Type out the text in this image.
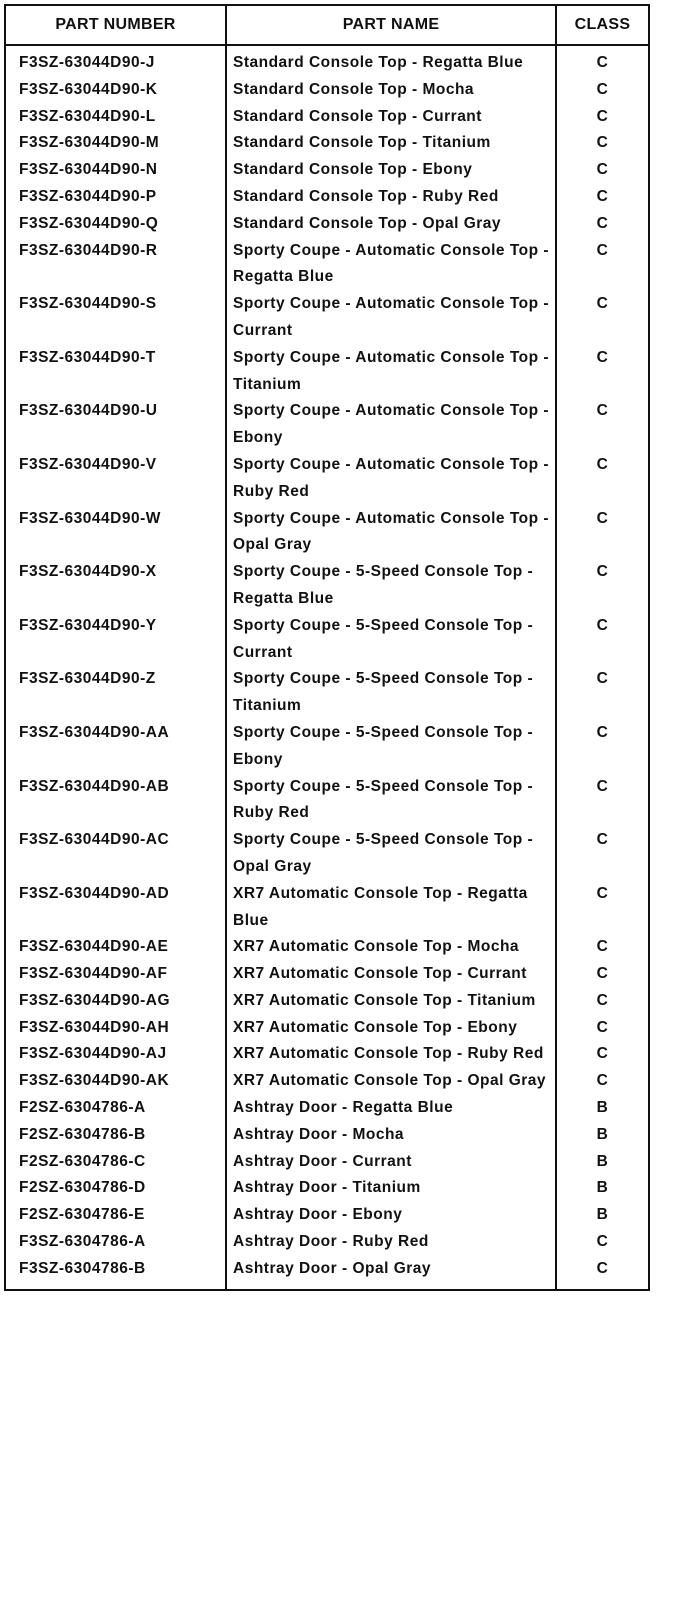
PART NUMBER	PART NAME	CLASS
F3SZ-63044D90-J	Standard Console Top - Regatta Blue	C
F3SZ-63044D90-K	Standard Console Top - Mocha	C
F3SZ-63044D90-L	Standard Console Top - Currant	C
F3SZ-63044D90-M	Standard Console Top - Titanium	C
F3SZ-63044D90-N	Standard Console Top - Ebony	C
F3SZ-63044D90-P	Standard Console Top - Ruby Red	C
F3SZ-63044D90-Q	Standard Console Top - Opal Gray	C
F3SZ-63044D90-R	Sporty Coupe - Automatic Console Top - Regatta Blue	C
F3SZ-63044D90-S	Sporty Coupe - Automatic Console Top - Currant	C
F3SZ-63044D90-T	Sporty Coupe - Automatic Console Top - Titanium	C
F3SZ-63044D90-U	Sporty Coupe - Automatic Console Top - Ebony	C
F3SZ-63044D90-V	Sporty Coupe - Automatic Console Top - Ruby Red	C
F3SZ-63044D90-W	Sporty Coupe - Automatic Console Top - Opal Gray	C
F3SZ-63044D90-X	Sporty Coupe - 5-Speed Console Top - Regatta Blue	C
F3SZ-63044D90-Y	Sporty Coupe - 5-Speed Console Top - Currant	C
F3SZ-63044D90-Z	Sporty Coupe - 5-Speed Console Top - Titanium	C
F3SZ-63044D90-AA	Sporty Coupe - 5-Speed Console Top - Ebony	C
F3SZ-63044D90-AB	Sporty Coupe - 5-Speed Console Top - Ruby Red	C
F3SZ-63044D90-AC	Sporty Coupe - 5-Speed Console Top - Opal Gray	C
F3SZ-63044D90-AD	XR7 Automatic Console Top - Regatta Blue	C
F3SZ-63044D90-AE	XR7 Automatic Console Top - Mocha	C
F3SZ-63044D90-AF	XR7 Automatic Console Top - Currant	C
F3SZ-63044D90-AG	XR7 Automatic Console Top - Titanium	C
F3SZ-63044D90-AH	XR7 Automatic Console Top - Ebony	C
F3SZ-63044D90-AJ	XR7 Automatic Console Top - Ruby Red	C
F3SZ-63044D90-AK	XR7 Automatic Console Top - Opal Gray	C
F2SZ-6304786-A	Ashtray Door - Regatta Blue	B
F2SZ-6304786-B	Ashtray Door - Mocha	B
F2SZ-6304786-C	Ashtray Door - Currant	B
F2SZ-6304786-D	Ashtray Door - Titanium	B
F2SZ-6304786-E	Ashtray Door - Ebony	B
F3SZ-6304786-A	Ashtray Door - Ruby Red	C
F3SZ-6304786-B	Ashtray Door - Opal Gray	C
